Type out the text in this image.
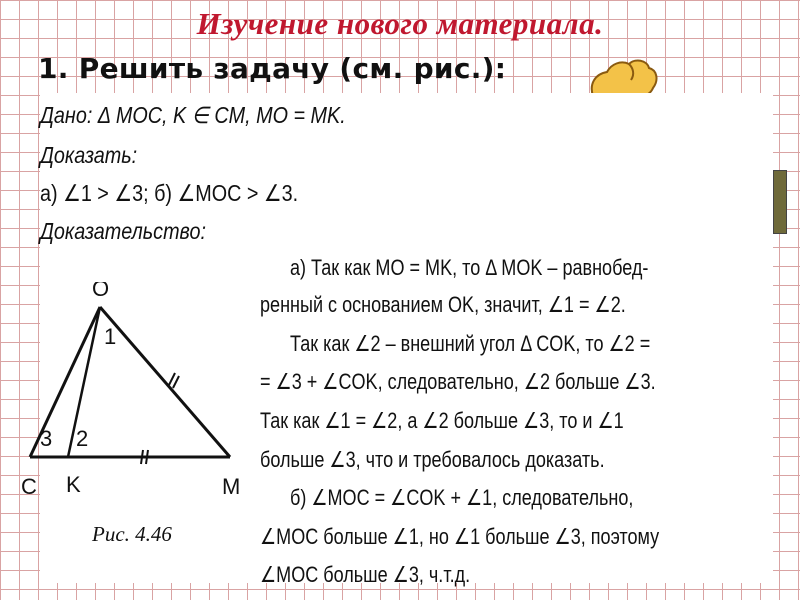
Изучение нового материала.
1. Решить задачу (см. рис.):
Дано: Δ MOC, K ∈ CM, MO = MK.
Доказать:
а) ∠1 > ∠3; б) ∠MOC > ∠3.
Доказательство:
а) Так как MO = MK, то Δ MOK – равнобед-
ренный с основанием OK, значит, ∠1 = ∠2.
Так как ∠2 – внешний угол Δ COK, то ∠2 =
= ∠3 + ∠COK, следовательно, ∠2 больше ∠3.
Так как ∠1 = ∠2, а ∠2 больше ∠3, то и ∠1
больше ∠3, что и требовалось доказать.
б) ∠MOC = ∠COK + ∠1, следовательно,
∠MOC больше ∠1, но ∠1 больше ∠3, поэтому
∠MOC больше ∠3, ч.т.д.
O
C K	M
1
2
3
Рис. 4.46
